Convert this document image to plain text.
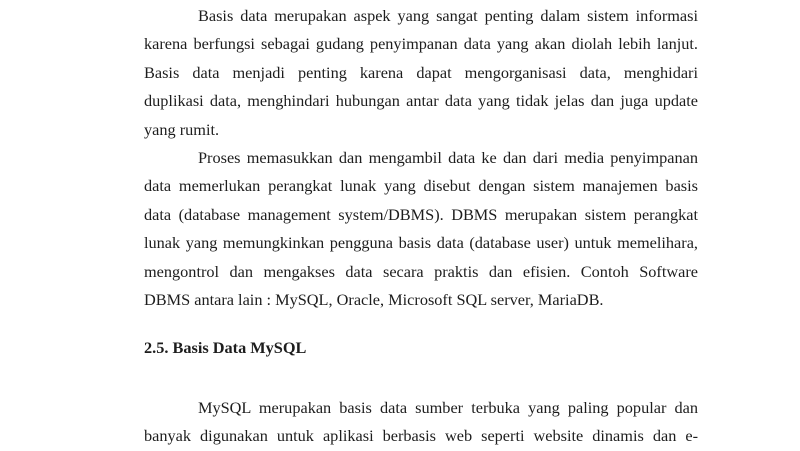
Basis data merupakan aspek yang sangat penting dalam sistem informasi
karena berfungsi sebagai gudang penyimpanan data yang akan diolah lebih lanjut.
Basis data menjadi penting karena dapat mengorganisasi data, menghidari
duplikasi data, menghindari hubungan antar data yang tidak jelas dan juga update
yang rumit.
Proses memasukkan dan mengambil data ke dan dari media penyimpanan
data memerlukan perangkat lunak yang disebut dengan sistem manajemen basis
data (database management system/DBMS). DBMS merupakan sistem perangkat
lunak yang memungkinkan pengguna basis data (database user) untuk memelihara,
mengontrol dan mengakses data secara praktis dan efisien. Contoh Software
DBMS antara lain : MySQL, Oracle, Microsoft SQL server, MariaDB.
2.5. Basis Data MySQL
MySQL merupakan basis data sumber terbuka yang paling popular dan
banyak digunakan untuk aplikasi berbasis web seperti website dinamis dan e-
